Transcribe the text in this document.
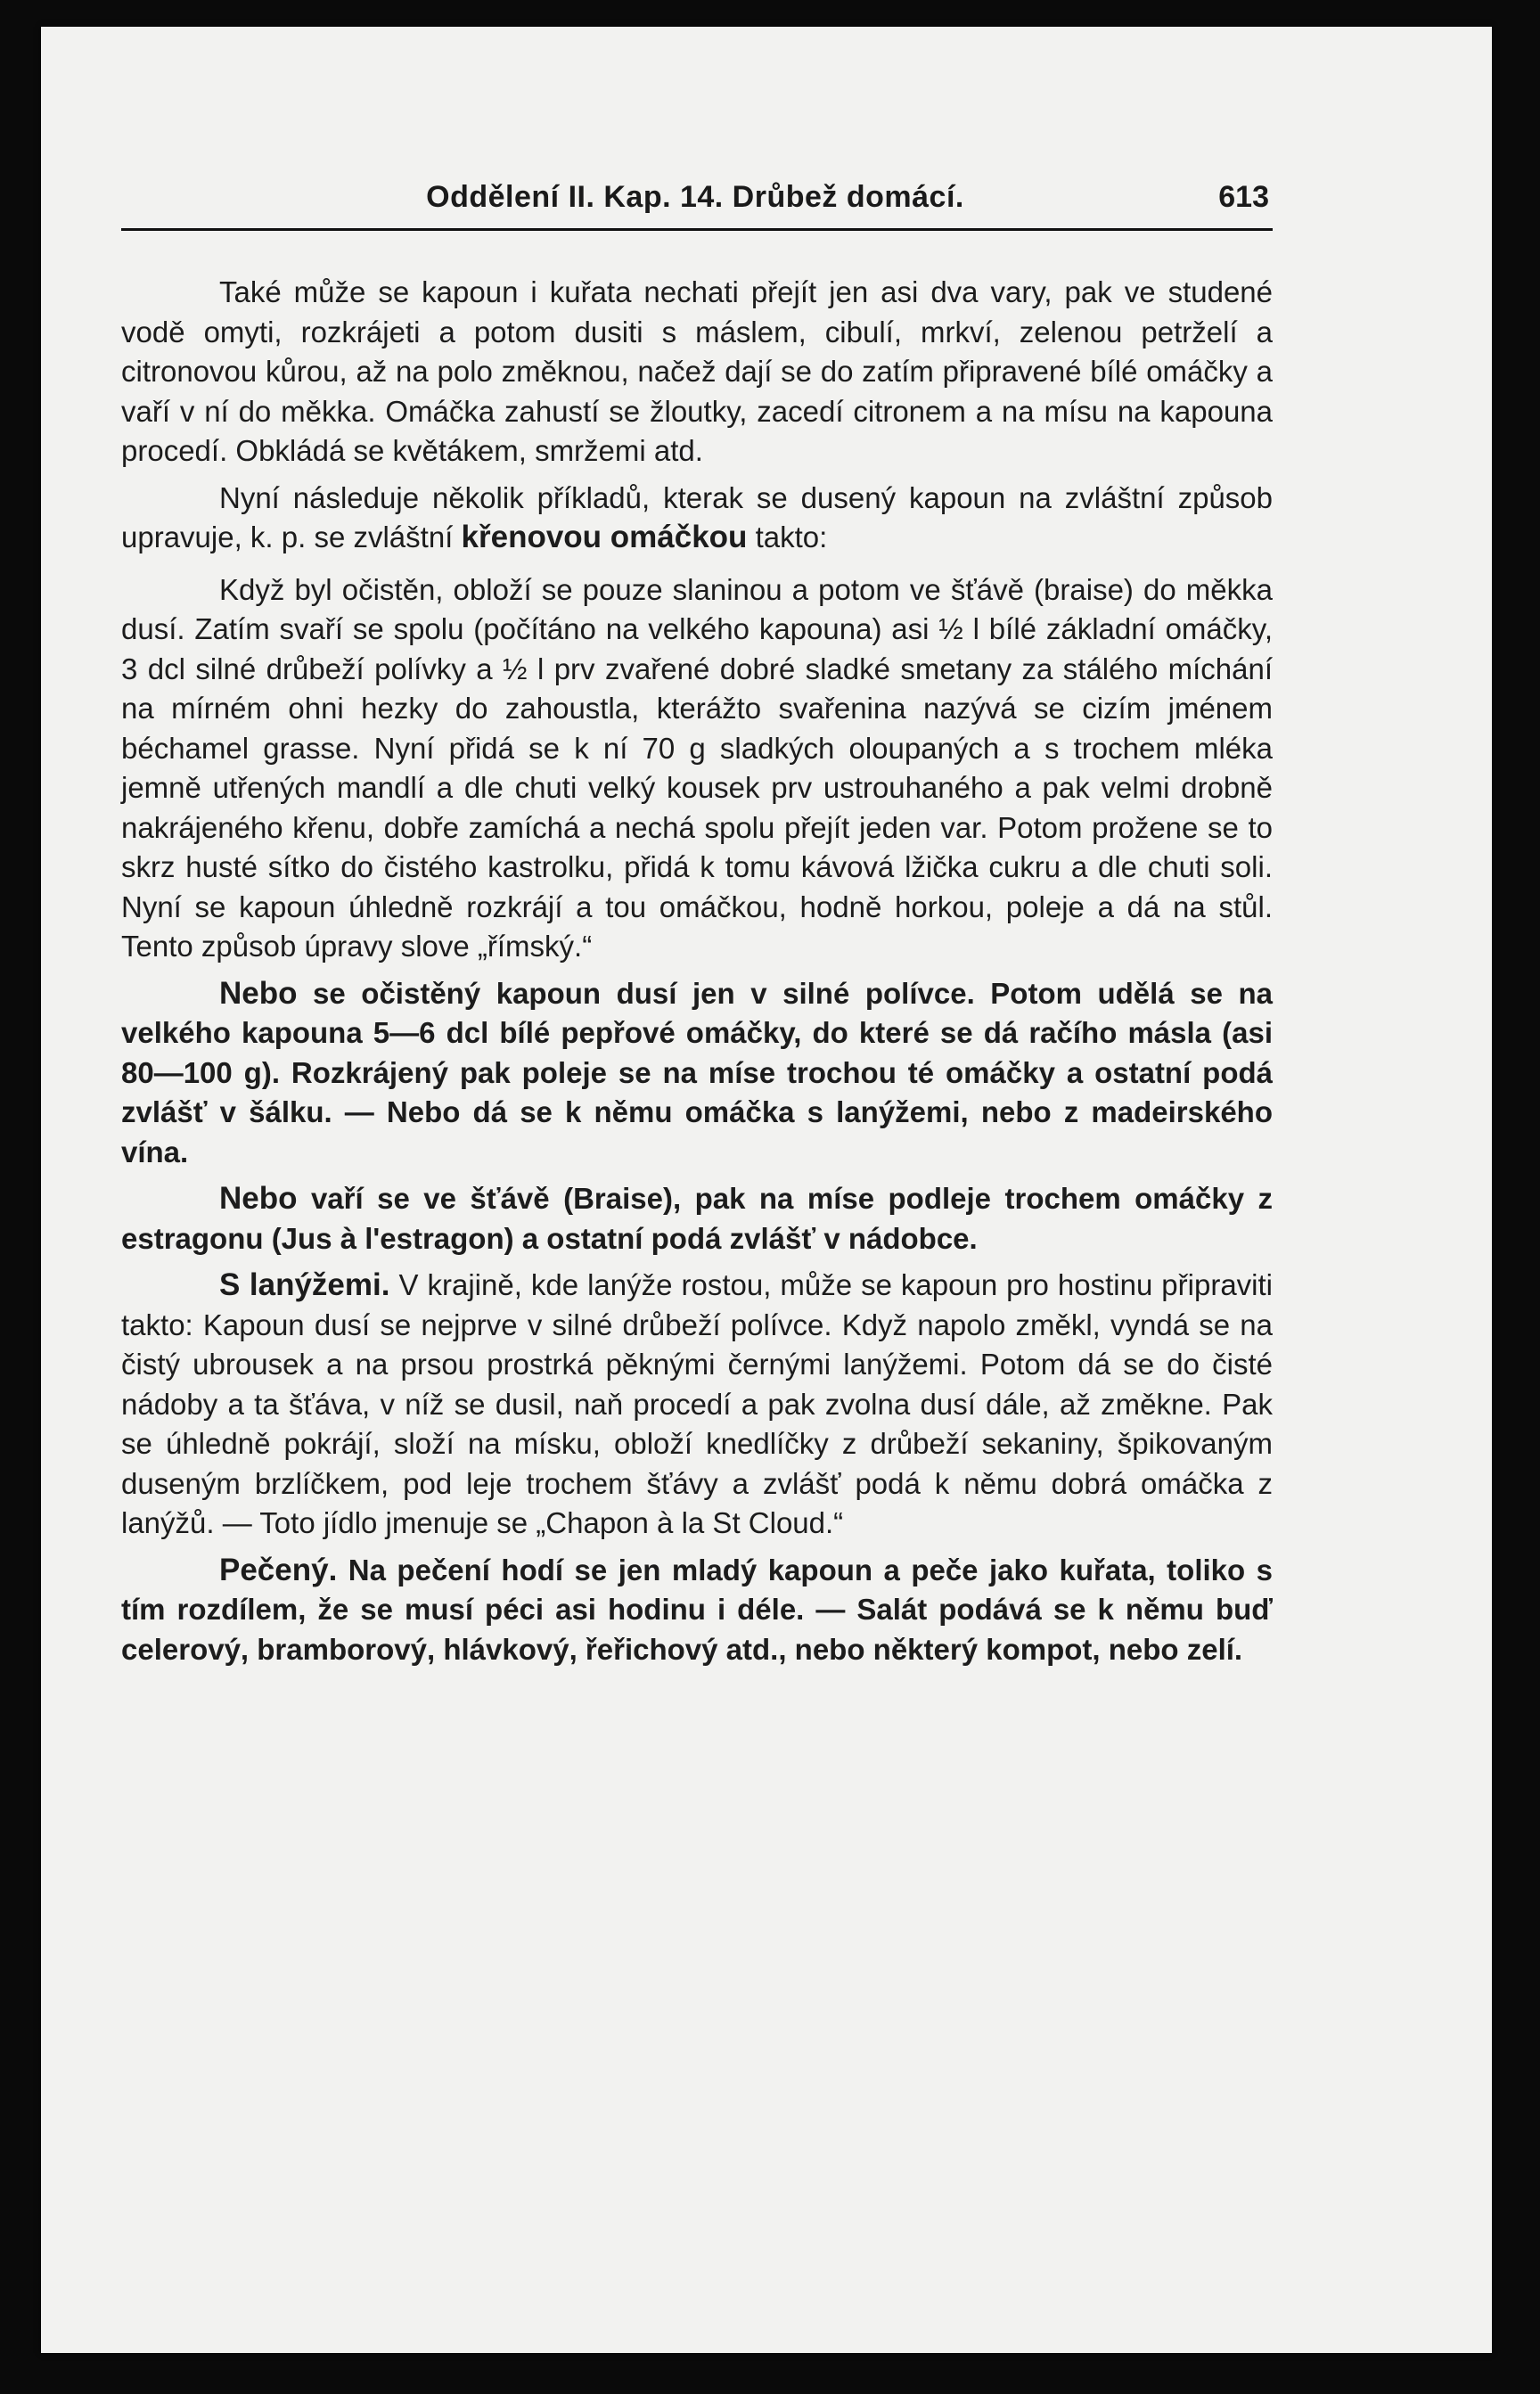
Oddělení II. Kap. 14. Drůbež domácí.	613

Také může se kapoun i kuřata nechati přejít jen asi dva vary, pak ve studené vodě omyti, rozkrájeti a potom dusiti s máslem, cibulí, mrkví, zelenou petrželí a citronovou kůrou, až na polo změknou, načež dají se do zatím připravené bílé omáčky a vaří v ní do měkka. Omáčka zahustí se žloutky, zacedí citronem a na mísu na kapouna procedí. Obkládá se květákem, smržemi atd.

Nyní následuje několik příkladů, kterak se dusený kapoun na zvláštní způsob upravuje, k. p. se zvláštní křenovou omáčkou takto:

Když byl očistěn, obloží se pouze slaninou a potom ve šťávě (braise) do měkka dusí. Zatím svaří se spolu (počítáno na velkého kapouna) asi ½ l bílé základní omáčky, 3 dcl silné drůbeží polívky a ½ l prv zvařené dobré sladké smetany za stálého míchání na mírném ohni hezky do zahoustla, kterážto svařenina nazývá se cizím jménem béchamel grasse. Nyní přidá se k ní 70 g sladkých oloupaných a s trochem mléka jemně utřených mandlí a dle chuti velký kousek prv ustrouhaného a pak velmi drobně nakrájeného křenu, dobře zamíchá a nechá spolu přejít jeden var. Potom prožene se to skrz husté sítko do čistého kastrolku, přidá k tomu kávová lžička cukru a dle chuti soli. Nyní se kapoun úhledně rozkrájí a tou omáčkou, hodně horkou, poleje a dá na stůl. Tento způsob úpravy slove „římský.“

Nebo se očistěný kapoun dusí jen v silné polívce. Potom udělá se na velkého kapouna 5—6 dcl bílé pepřové omáčky, do které se dá račího másla (asi 80—100 g). Rozkrájený pak poleje se na míse trochou té omáčky a ostatní podá zvlášť v šálku. — Nebo dá se k němu omáčka s lanýžemi, nebo z madeirského vína.

Nebo vaří se ve šťávě (Braise), pak na míse podleje trochem omáčky z estragonu (Jus à l'estragon) a ostatní podá zvlášť v nádobce.

S lanýžemi. V krajině, kde lanýže rostou, může se kapoun pro hostinu připraviti takto: Kapoun dusí se nejprve v silné drůbeží polívce. Když napolo změkl, vyndá se na čistý ubrousek a na prsou prostrká pěknými černými lanýžemi. Potom dá se do čisté nádoby a ta šťáva, v níž se dusil, naň procedí a pak zvolna dusí dále, až změkne. Pak se úhledně pokrájí, složí na mísku, obloží knedlíčky z drůbeží sekaniny, špikovaným duseným brzlíčkem, pod leje trochem šťávy a zvlášť podá k němu dobrá omáčka z lanýžů. — Toto jídlo jmenuje se „Chapon à la St Cloud.“

Pečený. Na pečení hodí se jen mladý kapoun a peče jako kuřata, toliko s tím rozdílem, že se musí péci asi hodinu i déle. — Salát podává se k němu buď celerový, bramborový, hlávkový, řeřichový atd., nebo některý kompot, nebo zelí.
